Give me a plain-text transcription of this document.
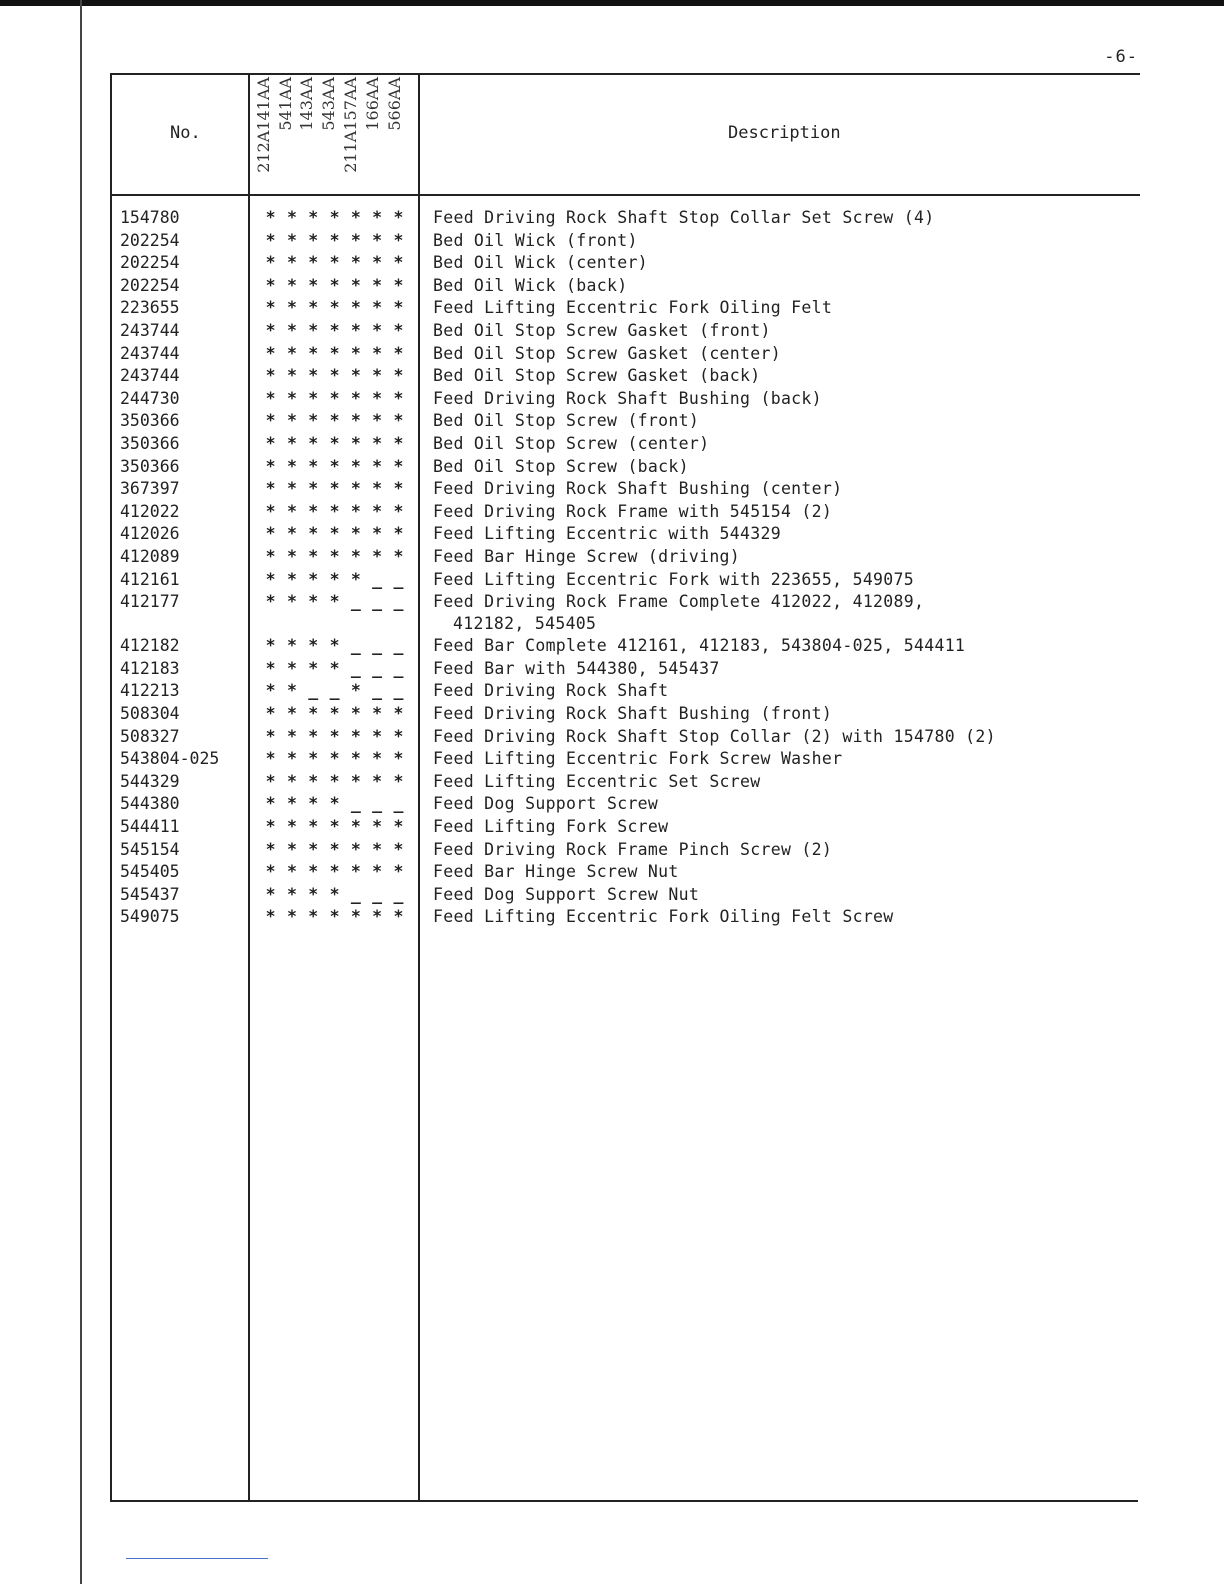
-6-
No.	Description
212A141AA 541AA 143AA 543AA 211A157AA 166AA 566AA
154780	* * * * * * *	Feed Driving Rock Shaft Stop Collar Set Screw (4)
202254	* * * * * * *	Bed Oil Wick (front)
202254	* * * * * * *	Bed Oil Wick (center)
202254	* * * * * * *	Bed Oil Wick (back)
223655	* * * * * * *	Feed Lifting Eccentric Fork Oiling Felt
243744	* * * * * * *	Bed Oil Stop Screw Gasket (front)
243744	* * * * * * *	Bed Oil Stop Screw Gasket (center)
243744	* * * * * * *	Bed Oil Stop Screw Gasket (back)
244730	* * * * * * *	Feed Driving Rock Shaft Bushing (back)
350366	* * * * * * *	Bed Oil Stop Screw (front)
350366	* * * * * * *	Bed Oil Stop Screw (center)
350366	* * * * * * *	Bed Oil Stop Screw (back)
367397	* * * * * * *	Feed Driving Rock Shaft Bushing (center)
412022	* * * * * * *	Feed Driving Rock Frame with 545154 (2)
412026	* * * * * * *	Feed Lifting Eccentric with 544329
412089	* * * * * * *	Feed Bar Hinge Screw (driving)
412161	* * * * * _ _	Feed Lifting Eccentric Fork with 223655, 549075
412177	* * * * _ _ _	Feed Driving Rock Frame Complete 412022, 412089,
412182, 545405
412182	* * * * _ _ _	Feed Bar Complete 412161, 412183, 543804-025, 544411
412183	* * * * _ _ _	Feed Bar with 544380, 545437
412213	* * _ _ * _ _	Feed Driving Rock Shaft
508304	* * * * * * *	Feed Driving Rock Shaft Bushing (front)
508327	* * * * * * *	Feed Driving Rock Shaft Stop Collar (2) with 154780 (2)
543804-025	* * * * * * *	Feed Lifting Eccentric Fork Screw Washer
544329	* * * * * * *	Feed Lifting Eccentric Set Screw
544380	* * * * _ _ _	Feed Dog Support Screw
544411	* * * * * * *	Feed Lifting Fork Screw
545154	* * * * * * *	Feed Driving Rock Frame Pinch Screw (2)
545405	* * * * * * *	Feed Bar Hinge Screw Nut
545437	* * * * _ _ _	Feed Dog Support Screw Nut
549075	* * * * * * *	Feed Lifting Eccentric Fork Oiling Felt Screw
